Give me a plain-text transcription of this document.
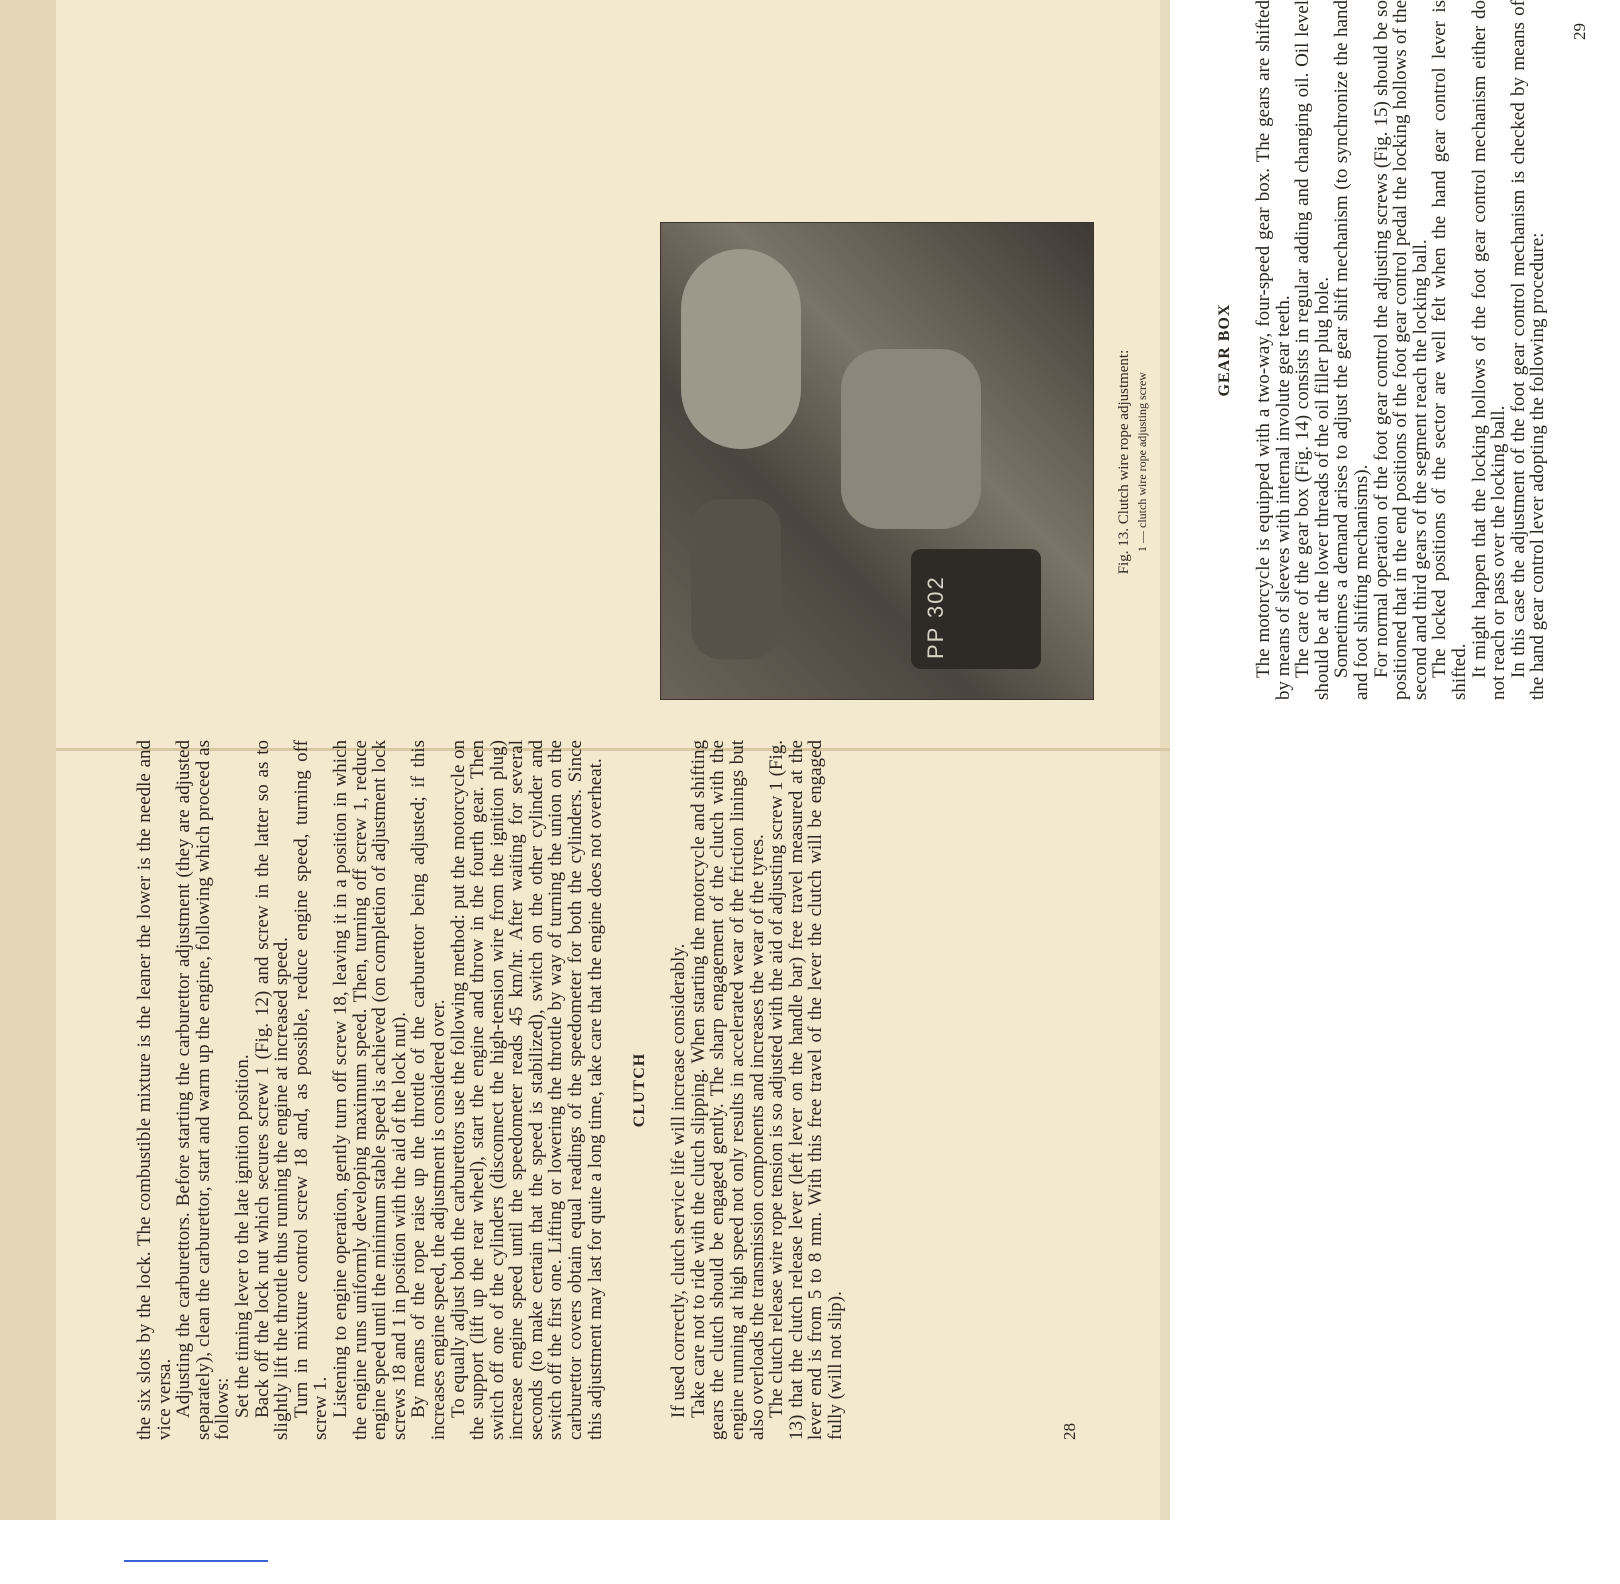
the six slots by the lock. The combustible mixture is the leaner the lower is the needle and vice versa.

Adjusting the carburettors. Before starting the carburettor adjustment (they are adjusted separately), clean the carburettor, start and warm up the engine, following which proceed as follows:

Set the timing lever to the late ignition position.

Back off the lock nut which secures screw 1 (Fig. 12) and screw in the latter so as to slightly lift the throttle thus running the engine at increased speed.

Turn in mixture control screw 18 and, as possible, reduce engine speed, turning off screw 1.

Listening to engine operation, gently turn off screw 18, leaving it in a position in which the engine runs uniformly developing maximum speed. Then, turning off screw 1, reduce engine speed until the minimum stable speed is achieved (on completion of adjustment lock screws 18 and 1 in position with the aid of the lock nut).

By means of the rope raise up the throttle of the carburettor being adjusted; if this increases engine speed, the adjustment is considered over.

To equally adjust both the carburettors use the following method: put the motorcycle on the support (lift up the rear wheel), start the engine and throw in the fourth gear. Then switch off one of the cylinders (disconnect the high-tension wire from the ignition plug) increase engine speed until the speedometer reads 45 km/hr. After waiting for several seconds (to make certain that the speed is stabilized), switch on the other cylinder and switch off the first one. Lifting or lowering the throttle by way of turning the union on the carburettor covers obtain equal readings of the speedometer for both the cylinders. Since this adjustment may last for quite a long time, take care that the engine does not overheat. CLUTCH If used correctly, clutch service life will increase considerably.

Take care not to ride with the clutch slipping. When starting the motorcycle and shifting gears the clutch should be engaged gently. The sharp engagement of the clutch with the engine running at high speed not only results in accelerated wear of the friction linings but also overloads the transmission components and increases the wear of the tyres.

The clutch release wire rope tension is so adjusted with the aid of adjusting screw 1 (Fig. 13) that the clutch release lever (left lever on the handle bar) free travel measured at the lever end is from 5 to 8 mm. With this free travel of the lever the clutch will be engaged fully (will not slip).	28
PP 302
Fig. 13. Clutch wire rope adjustment: 1 — clutch wire rope adjusting screw
GEAR BOX The motorcycle is equipped with a two-way, four-speed gear box. The gears are shifted by means of sleeves with internal involute gear teeth.

The care of the gear box (Fig. 14) consists in regular adding and changing oil. Oil level should be at the lower threads of the oil filler plug hole.

Sometimes a demand arises to adjust the gear shift mechanism (to synchronize the hand and foot shifting mechanisms).

For normal operation of the foot gear control the adjusting screws (Fig. 15) should be so positioned that in the end positions of the foot gear control pedal the locking hollows of the second and third gears of the segment reach the locking ball.

The locked positions of the sector are well felt when the hand gear control lever is shifted.

It might happen that the locking hollows of the foot gear control mechanism either do not reach or pass over the locking ball.

In this case the adjustment of the foot gear control mechanism is checked by means of the hand gear control lever adopting the following procedure:

29
